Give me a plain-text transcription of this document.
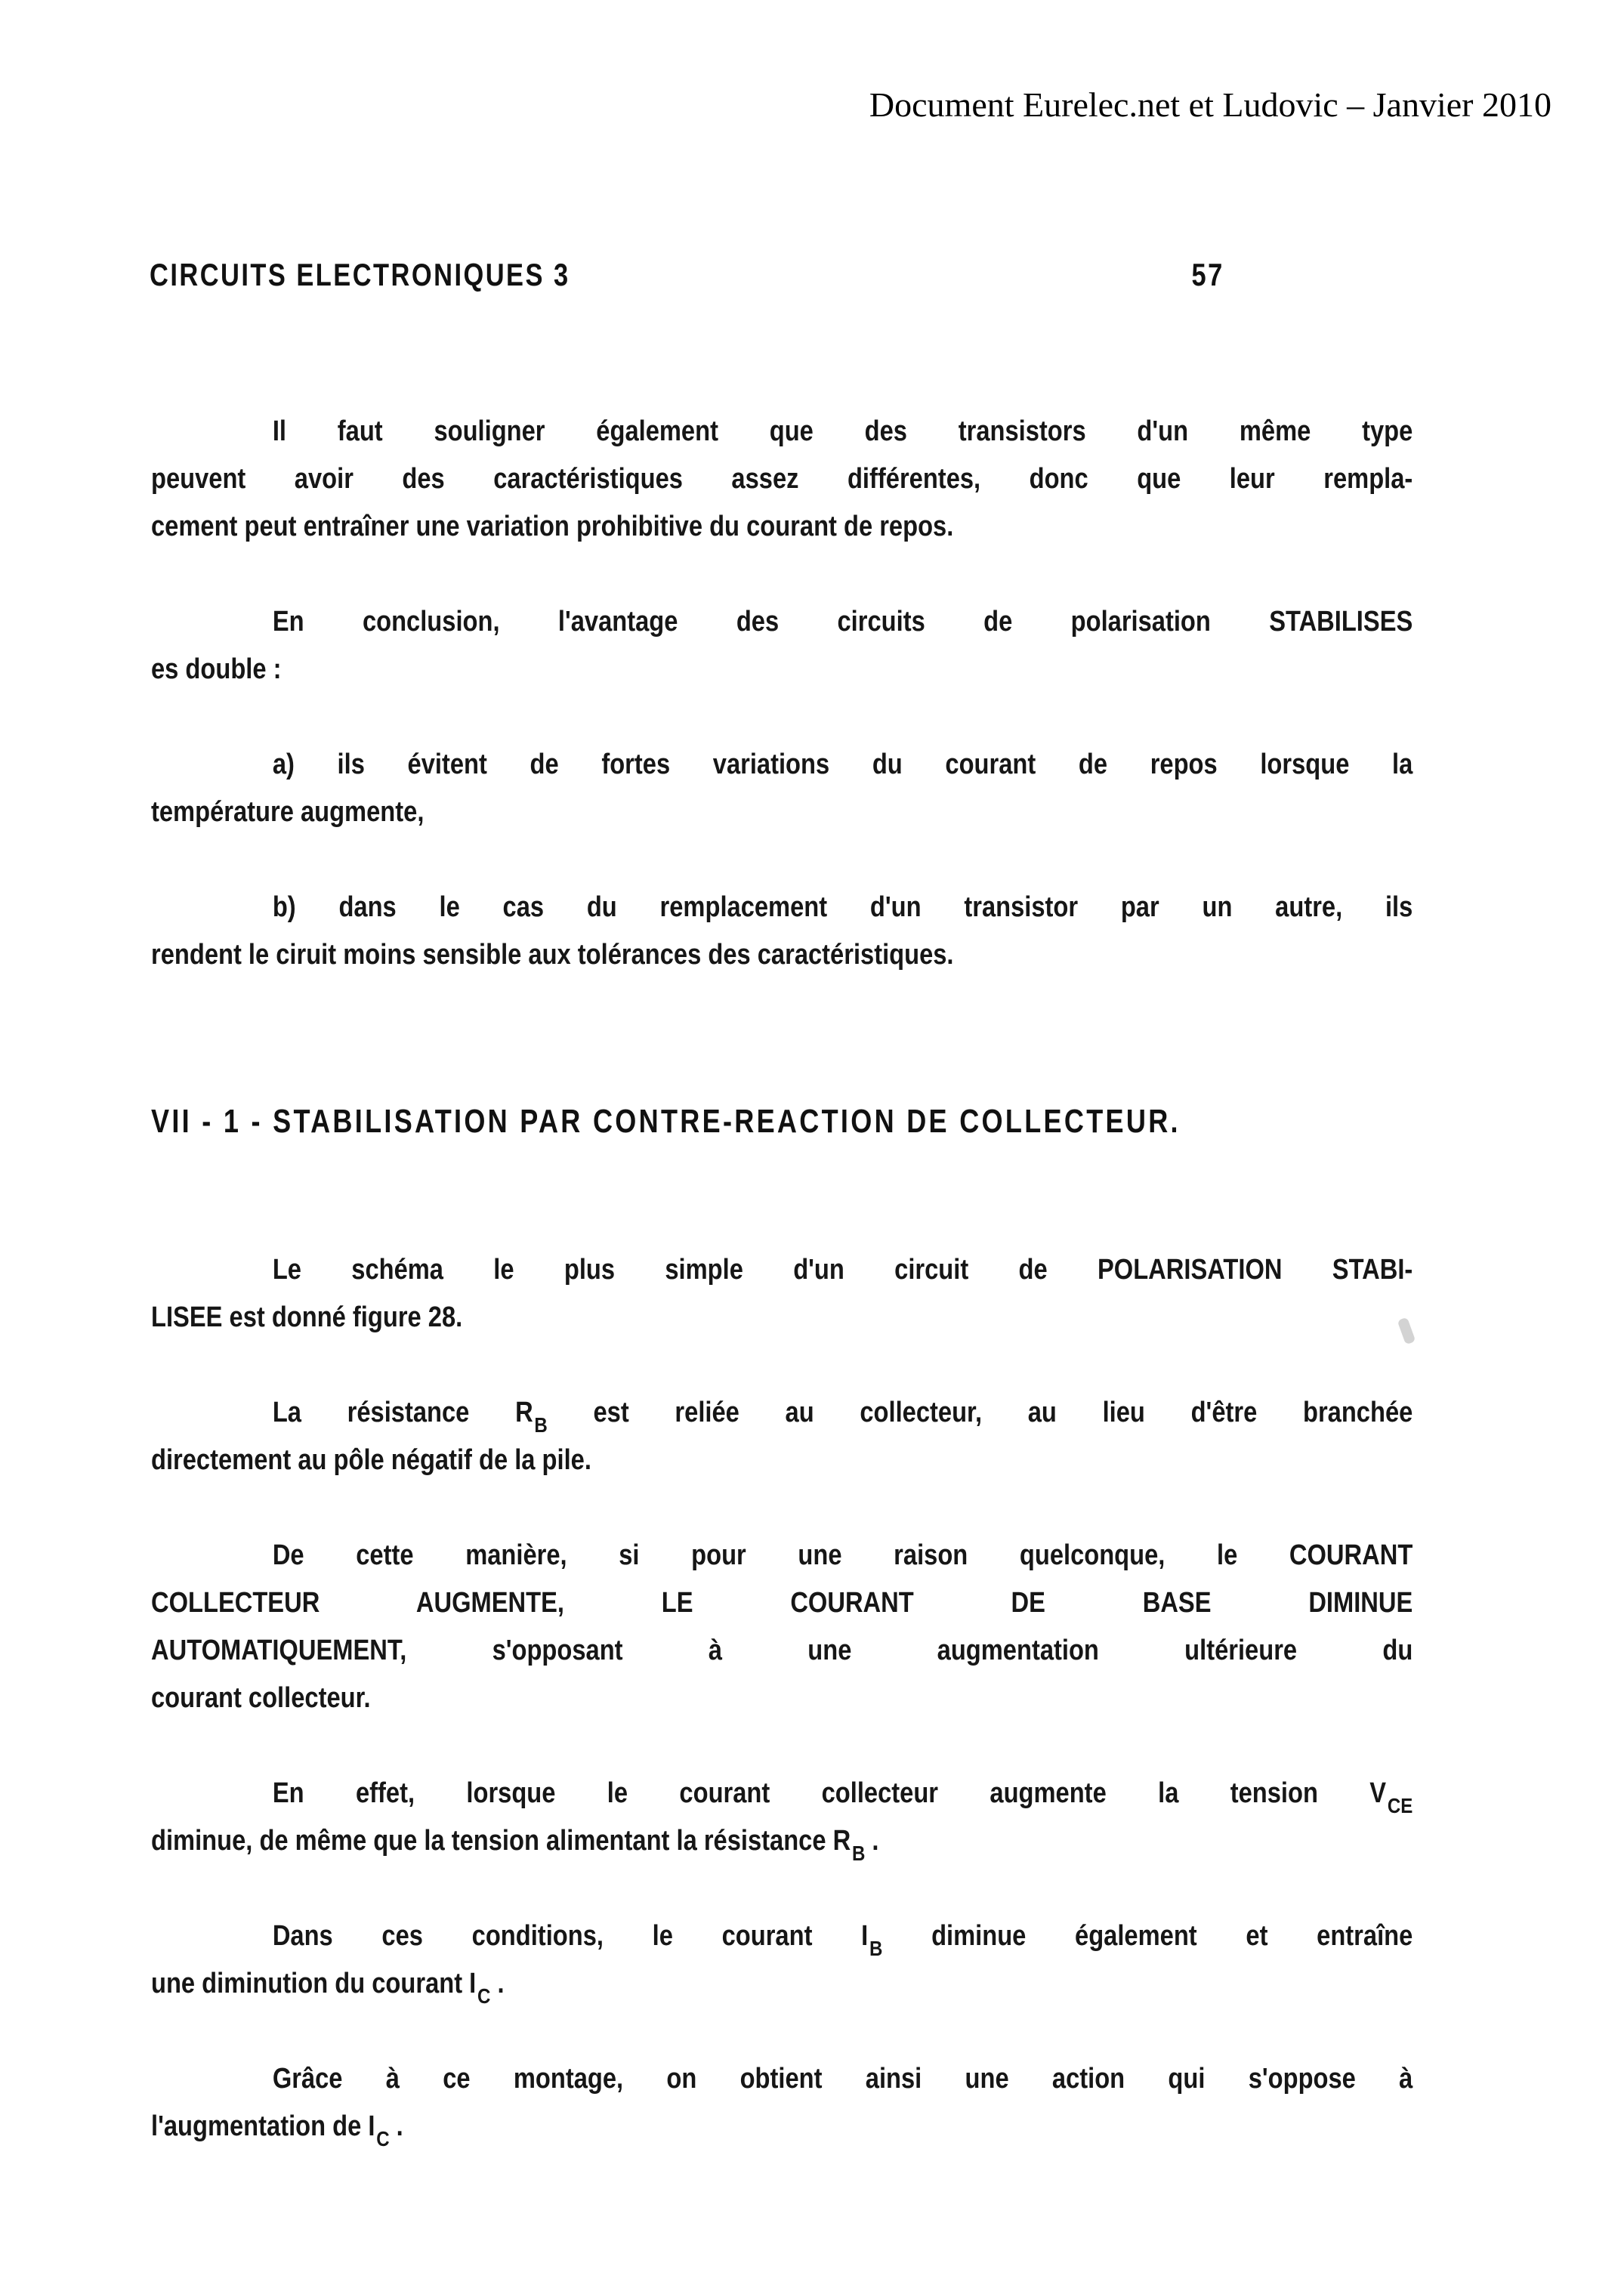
Document Eurelec.net et Ludovic – Janvier 2010
CIRCUITS ELECTRONIQUES 3	57

Il faut souligner également que des transistors d'un même type
peuvent avoir des caractéristiques assez différentes, donc que leur rempla-
cement peut entraîner une variation prohibitive du courant de repos.

En conclusion, l'avantage des circuits de polarisation STABILISES
es double :

a) ils évitent de fortes variations du courant de repos lorsque la
température augmente,

b) dans le cas du remplacement d'un transistor par un autre, ils
rendent le ciruit moins sensible aux tolérances des caractéristiques.

VII - 1 - STABILISATION PAR CONTRE-REACTION DE COLLECTEUR.

Le schéma le plus simple d'un circuit de POLARISATION STABI-
LISEE est donné figure 28.

La résistance $R_B$ est reliée au collecteur, au lieu d'être branchée
directement au pôle négatif de la pile.

De cette manière, si pour une raison quelconque, le COURANT
COLLECTEUR AUGMENTE, LE COURANT DE BASE DIMINUE
AUTOMATIQUEMENT, s'opposant à une augmentation ultérieure du
courant collecteur.

En effet, lorsque le courant collecteur augmente la tension $V_{CE}$
diminue, de même que la tension alimentant la résistance $R_B$ .

Dans ces conditions, le courant $I_B$ diminue également et entraîne
une diminution du courant $I_C$ .

Grâce à ce montage, on obtient ainsi une action qui s'oppose à
l'augmentation de $I_C$ .
